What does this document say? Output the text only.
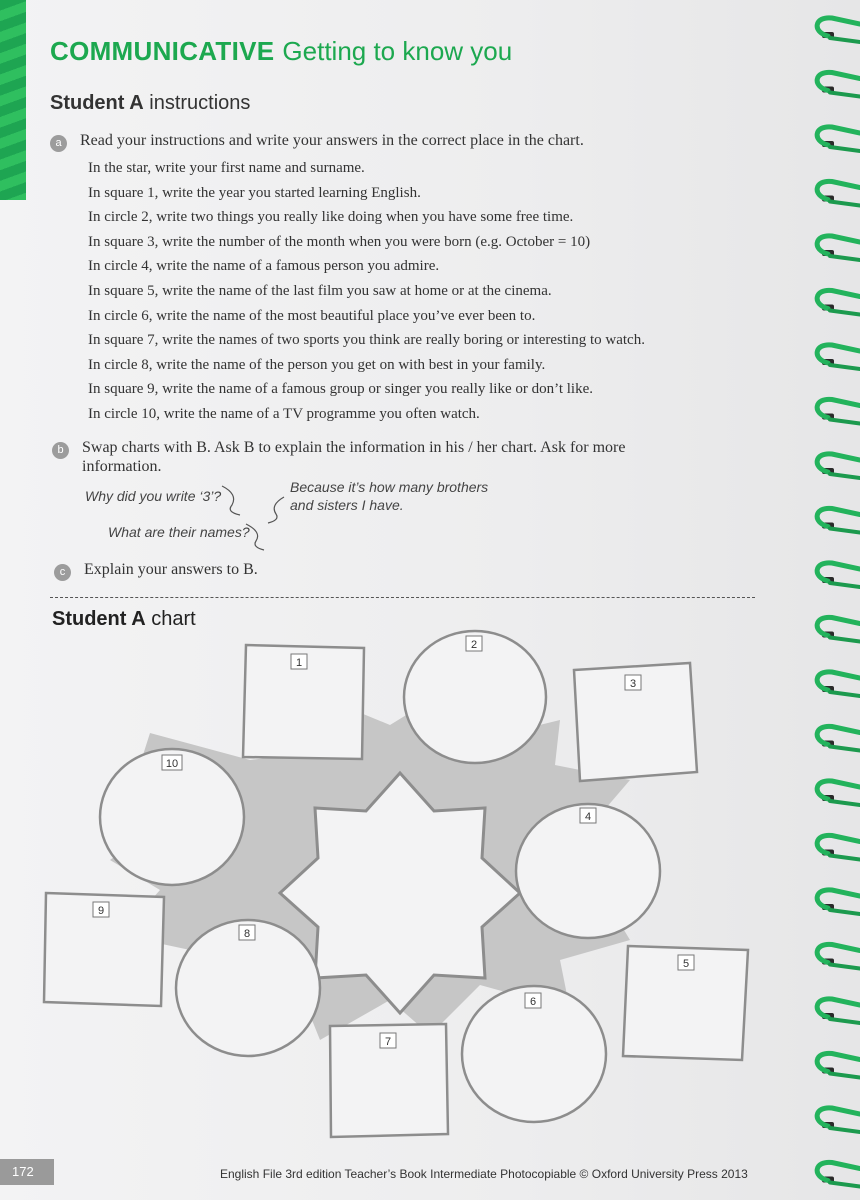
COMMUNICATIVE Getting to know you
Student A instructions
a	Read your instructions and write your answers in the correct place in the chart.
In the star, write your first name and surname.
In square 1, write the year you started learning English.
In circle 2, write two things you really like doing when you have some free time.
In square 3, write the number of the month when you were born (e.g. October = 10)
In circle 4, write the name of a famous person you admire.
In square 5, write the name of the last film you saw at home or at the cinema.
In circle 6, write the name of the most beautiful place you’ve ever been to.
In square 7, write the names of two sports you think are really boring or interesting to watch.
In circle 8, write the name of the person you get on with best in your family.
In square 9, write the name of a famous group or singer you really like or don’t like.
In circle 10, write the name of a TV programme you often watch.
b	Swap charts with B. Ask B to explain the information in his / her chart. Ask for more
information.
Why did you write ‘3’?
Because it’s how many brothers
and sisters I have.
What are their names?
c	Explain your answers to B.
Student A chart
1
2
3
4
5
6
7
8
9
10
172	English File 3rd edition Teacher’s Book Intermediate Photocopiable © Oxford University Press 2013
